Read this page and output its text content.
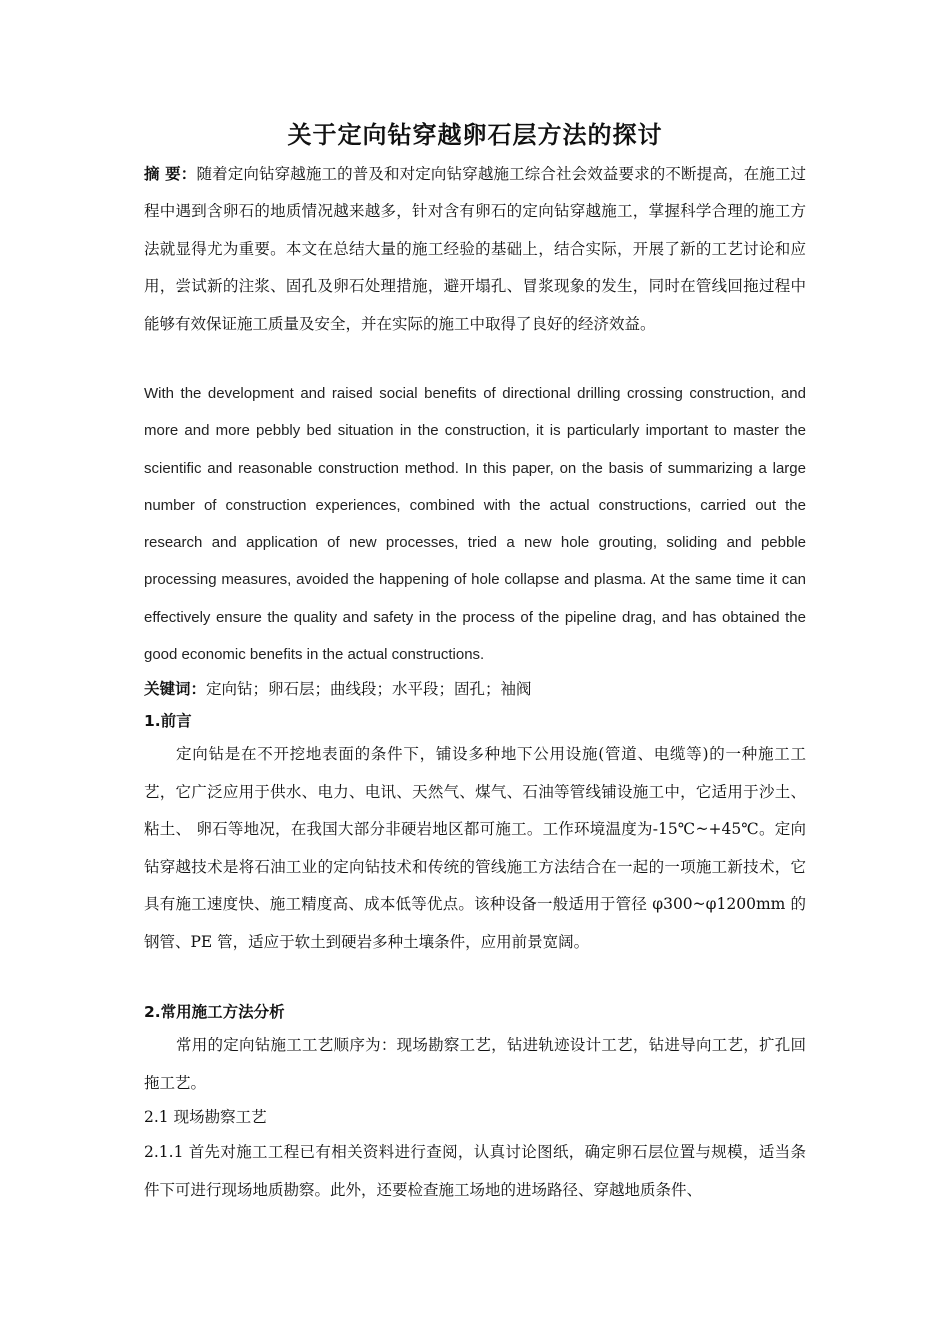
关于定向钻穿越卵石层方法的探讨
摘 要：随着定向钻穿越施工的普及和对定向钻穿越施工综合社会效益要求的不断提高，在施工过程中遇到含卵石的地质情况越来越多，针对含有卵石的定向钻穿越施工，掌握科学合理的施工方法就显得尤为重要。本文在总结大量的施工经验的基础上，结合实际，开展了新的工艺讨论和应用，尝试新的注浆、固孔及卵石处理措施，避开塌孔、冒浆现象的发生，同时在管线回拖过程中能够有效保证施工质量及安全，并在实际的施工中取得了良好的经济效益。
With the development and raised social benefits of directional drilling crossing construction, and more and more pebbly bed situation in the construction, it is particularly important to master the scientific and reasonable construction method. In this paper, on the basis of summarizing a large number of construction experiences, combined with the actual constructions, carried out the research and application of new processes, tried a new hole grouting, soliding and pebble processing measures, avoided the happening of hole collapse and plasma. At the same time it can effectively ensure the quality and safety in the process of the pipeline drag, and has obtained the good economic benefits in the actual constructions.
关键词：定向钻；卵石层；曲线段；水平段；固孔；袖阀
1.前言
定向钻是在不开挖地表面的条件下，铺设多种地下公用设施(管道、电缆等)的一种施工工艺，它广泛应用于供水、电力、电讯、天然气、煤气、石油等管线铺设施工中，它适用于沙土、粘土、 卵石等地况，在我国大部分非硬岩地区都可施工。工作环境温度为-15℃~+45℃。定向钻穿越技术是将石油工业的定向钻技术和传统的管线施工方法结合在一起的一项施工新技术，它具有施工速度快、施工精度高、成本低等优点。该种设备一般适用于管径 φ300~φ1200mm 的钢管、PE 管，适应于软土到硬岩多种土壤条件，应用前景宽阔。
2.常用施工方法分析
常用的定向钻施工工艺顺序为：现场勘察工艺，钻进轨迹设计工艺，钻进导向工艺，扩孔回拖工艺。
2.1 现场勘察工艺
2.1.1 首先对施工工程已有相关资料进行查阅，认真讨论图纸，确定卵石层位置与规模，适当条件下可进行现场地质勘察。此外，还要检查施工场地的进场路径、穿越地质条件、
